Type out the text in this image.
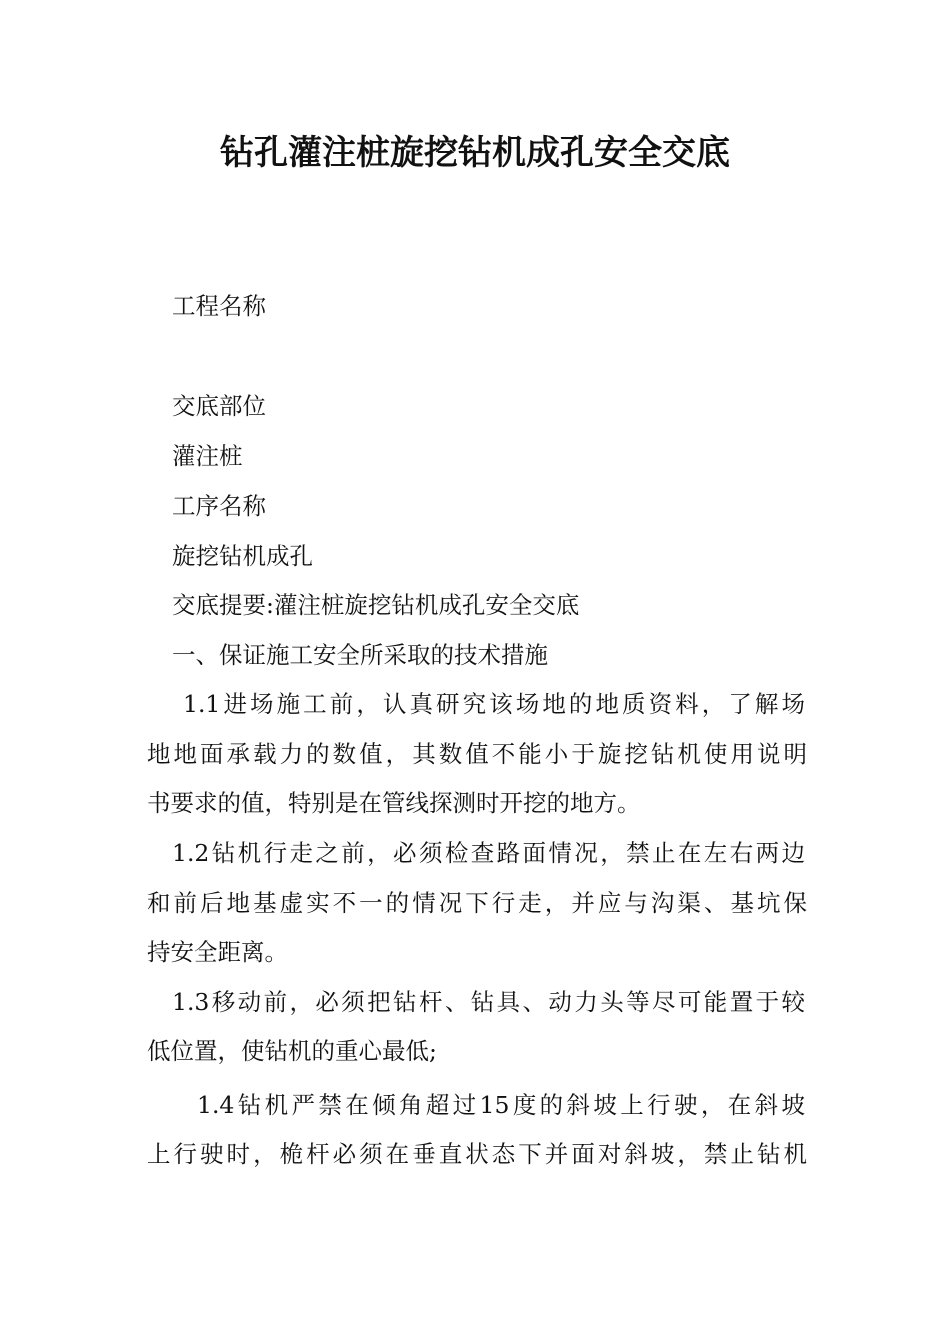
钻孔灌注桩旋挖钻机成孔安全交底
工程名称
交底部位
灌注桩
工序名称
旋挖钻机成孔
交底提要:灌注桩旋挖钻机成孔安全交底
一、保证施工安全所采取的技术措施
1.1进场施工前，认真研究该场地的地质资料，了解场
地地面承载力的数值，其数值不能小于旋挖钻机使用说明
书要求的值，特别是在管线探测时开挖的地方。
1.2钻机行走之前，必须检查路面情况，禁止在左右两边
和前后地基虚实不一的情况下行走，并应与沟渠、基坑保
持安全距离。
1.3移动前，必须把钻杆、钻具、动力头等尽可能置于较
低位置，使钻机的重心最低;
1.4钻机严禁在倾角超过15度的斜坡上行驶，在斜坡
上行驶时，桅杆必须在垂直状态下并面对斜坡，禁止钻机
